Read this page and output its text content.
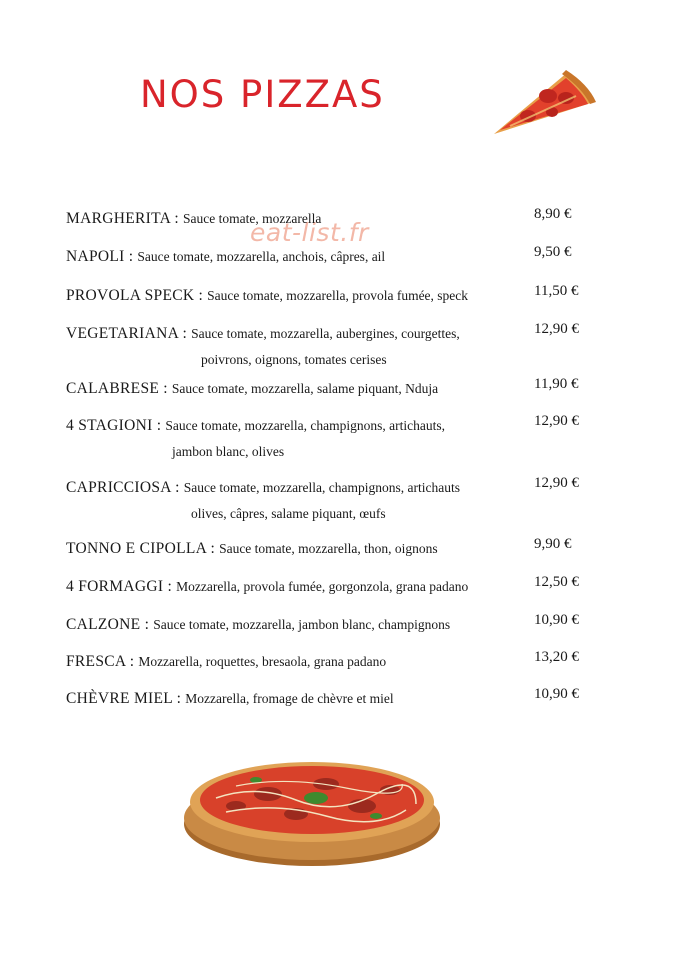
NOS PIZZAS
eat-list.fr
MARGHERITA : Sauce tomate, mozzarella	8,90 €
NAPOLI : Sauce tomate, mozzarella, anchois, câpres, ail	9,50 €
PROVOLA SPECK : Sauce tomate, mozzarella, provola fumée, speck	11,50 €
VEGETARIANA : Sauce tomate, mozzarella, aubergines, courgettes,
poivrons, oignons, tomates cerises
12,90 €
CALABRESE : Sauce tomate, mozzarella, salame piquant, Nduja	11,90 €
4 STAGIONI : Sauce tomate, mozzarella, champignons, artichauts,
jambon blanc, olives
12,90 €
CAPRICCIOSA : Sauce tomate, mozzarella, champignons, artichauts
olives, câpres, salame piquant, œufs
12,90 €
TONNO E CIPOLLA : Sauce tomate, mozzarella, thon, oignons	9,90 €
4 FORMAGGI : Mozzarella, provola fumée, gorgonzola, grana padano	12,50 €
CALZONE : Sauce tomate, mozzarella, jambon blanc, champignons	10,90 €
FRESCA : Mozzarella, roquettes, bresaola, grana padano	13,20 €
CHÈVRE MIEL : Mozzarella, fromage de chèvre et miel	10,90 €
